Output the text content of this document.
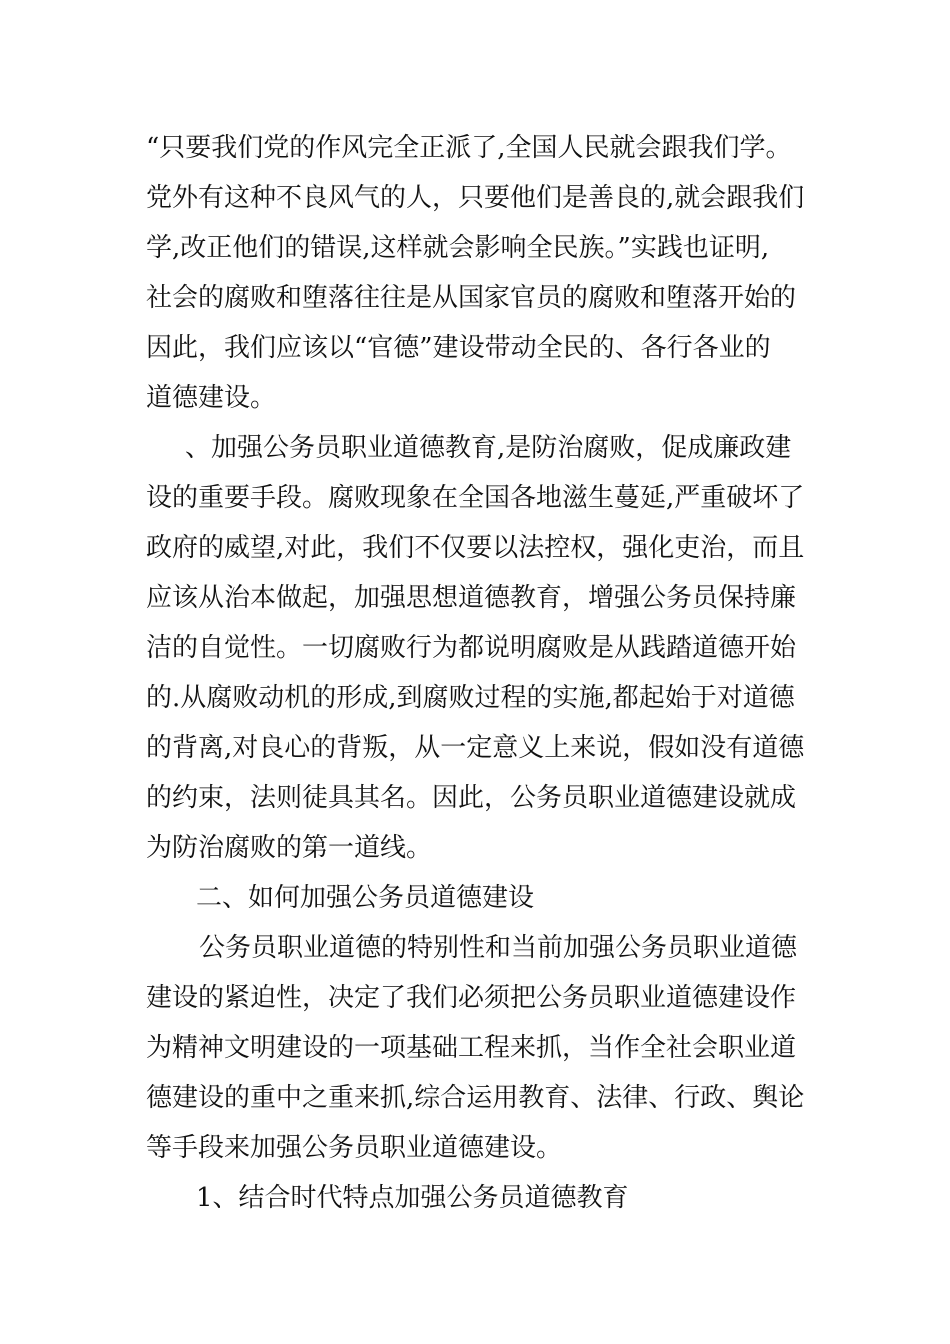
“只要我们党的作风完全正派了,全国人民就会跟我们学。
党外有这种不良风气的人，只要他们是善良的,就会跟我们
学,改正他们的错误,这样就会影响全民族。”实践也证明,
社会的腐败和堕落往往是从国家官员的腐败和堕落开始的
因此，我们应该以“官德”建设带动全民的、各行各业的
道德建设。
、加强公务员职业道德教育,是防治腐败，促成廉政建
设的重要手段。腐败现象在全国各地滋生蔓延,严重破坏了
政府的威望,对此，我们不仅要以法控权，强化吏治，而且
应该从治本做起，加强思想道德教育，增强公务员保持廉
洁的自觉性。一切腐败行为都说明腐败是从践踏道德开始
的.从腐败动机的形成,到腐败过程的实施,都起始于对道德
的背离,对良心的背叛，从一定意义上来说，假如没有道德
的约束，法则徒具其名。因此，公务员职业道德建设就成
为防治腐败的第一道线。
二、如何加强公务员道德建设
公务员职业道德的特别性和当前加强公务员职业道德
建设的紧迫性，决定了我们必须把公务员职业道德建设作
为精神文明建设的一项基础工程来抓，当作全社会职业道
德建设的重中之重来抓,综合运用教育、法律、行政、舆论
等手段来加强公务员职业道德建设。
1、结合时代特点加强公务员道德教育
